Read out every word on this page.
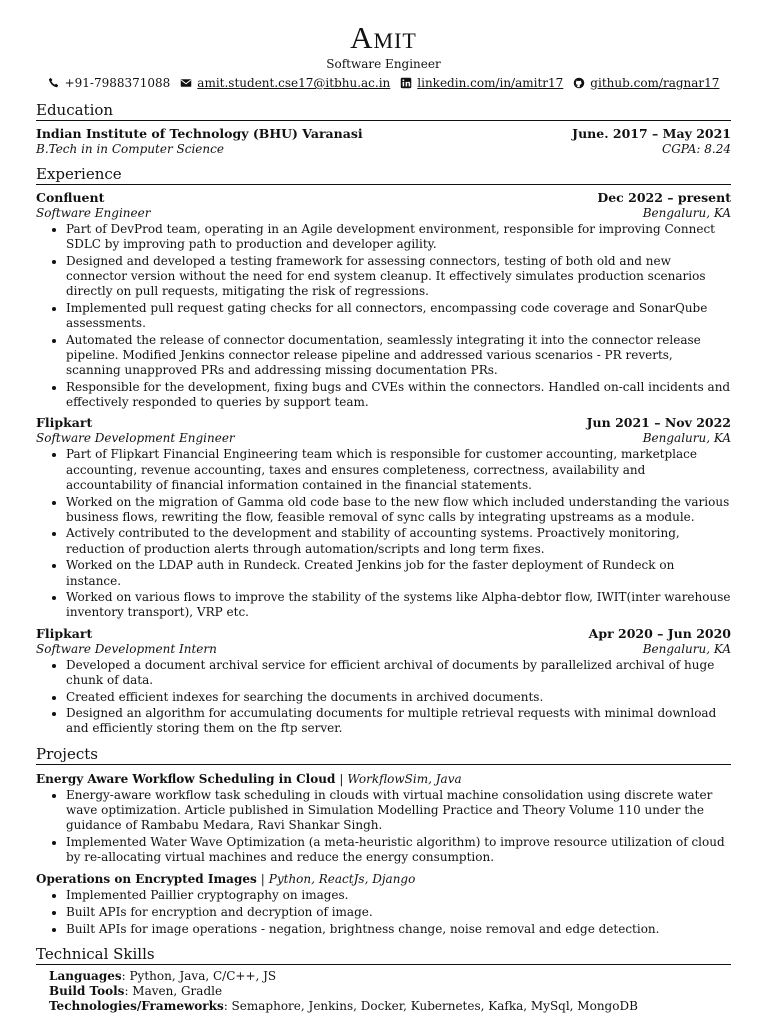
Amit
Software Engineer
+91-7988371088 amit.student.cse17@itbhu.ac.in linkedin.com/in/amitr17 github.com/ragnar17
Education
Indian Institute of Technology (BHU) Varanasi	June. 2017 – May 2021
B.Tech in in Computer Science	CGPA: 8.24
Experience
Confluent	Dec 2022 – present
Software Engineer	Bengaluru, KA
• Part of DevProd team, operating in an Agile development environment, responsible for improving Connect SDLC by improving path to production and developer agility.
• Designed and developed a testing framework for assessing connectors, testing of both old and new connector version without the need for end system cleanup. It effectively simulates production scenarios directly on pull requests, mitigating the risk of regressions.
• Implemented pull request gating checks for all connectors, encompassing code coverage and SonarQube assessments.
• Automated the release of connector documentation, seamlessly integrating it into the connector release pipeline. Modified Jenkins connector release pipeline and addressed various scenarios - PR reverts, scanning unapproved PRs and addressing missing documentation PRs.
• Responsible for the development, fixing bugs and CVEs within the connectors. Handled on-call incidents and effectively responded to queries by support team.
Flipkart	Jun 2021 – Nov 2022
Software Development Engineer	Bengaluru, KA
• Part of Flipkart Financial Engineering team which is responsible for customer accounting, marketplace accounting, revenue accounting, taxes and ensures completeness, correctness, availability and accountability of financial information contained in the financial statements.
• Worked on the migration of Gamma old code base to the new flow which included understanding the various business flows, rewriting the flow, feasible removal of sync calls by integrating upstreams as a module.
• Actively contributed to the development and stability of accounting systems. Proactively monitoring, reduction of production alerts through automation/scripts and long term fixes.
• Worked on the LDAP auth in Rundeck. Created Jenkins job for the faster deployment of Rundeck on instance.
• Worked on various flows to improve the stability of the systems like Alpha-debtor flow, IWIT(inter warehouse inventory transport), VRP etc.
Flipkart	Apr 2020 – Jun 2020
Software Development Intern	Bengaluru, KA
• Developed a document archival service for efficient archival of documents by parallelized archival of huge chunk of data.
• Created efficient indexes for searching the documents in archived documents.
• Designed an algorithm for accumulating documents for multiple retrieval requests with minimal download and efficiently storing them on the ftp server.
Projects
Energy Aware Workflow Scheduling in Cloud | WorkflowSim, Java
• Energy-aware workflow task scheduling in clouds with virtual machine consolidation using discrete water wave optimization. Article published in Simulation Modelling Practice and Theory Volume 110 under the guidance of Rambabu Medara, Ravi Shankar Singh.
• Implemented Water Wave Optimization (a meta-heuristic algorithm) to improve resource utilization of cloud by re-allocating virtual machines and reduce the energy consumption.
Operations on Encrypted Images | Python, ReactJs, Django
• Implemented Paillier cryptography on images.
• Built APIs for encryption and decryption of image.
• Built APIs for image operations - negation, brightness change, noise removal and edge detection.
Technical Skills
Languages: Python, Java, C/C++, JS
Build Tools: Maven, Gradle
Technologies/Frameworks: Semaphore, Jenkins, Docker, Kubernetes, Kafka, MySql, MongoDB
